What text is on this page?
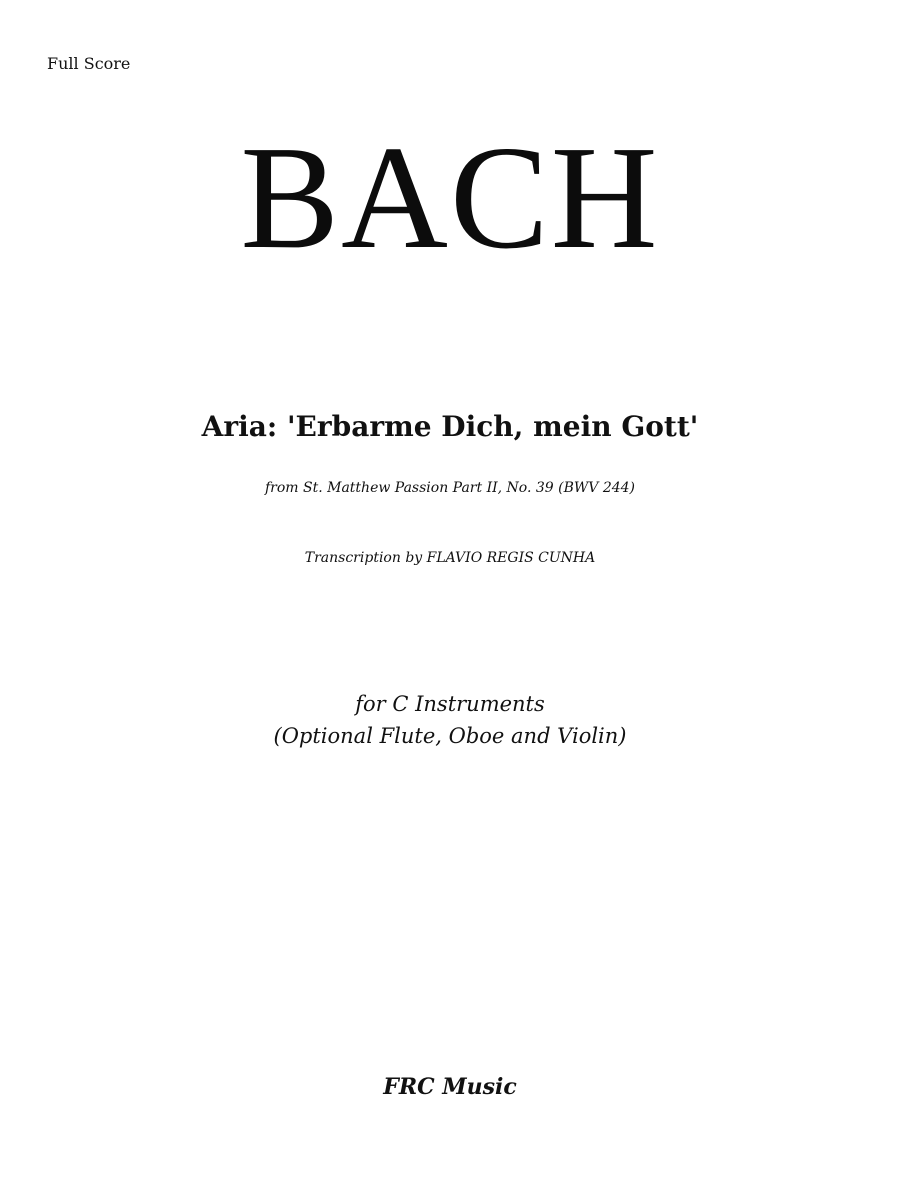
Full Score
BACH
Aria: 'Erbarme Dich, mein Gott'

from St. Matthew Passion Part II, No. 39 (BWV 244)

Transcription by FLAVIO REGIS CUNHA

for C Instruments
(Optional Flute, Oboe and Violin)
FRC Music
